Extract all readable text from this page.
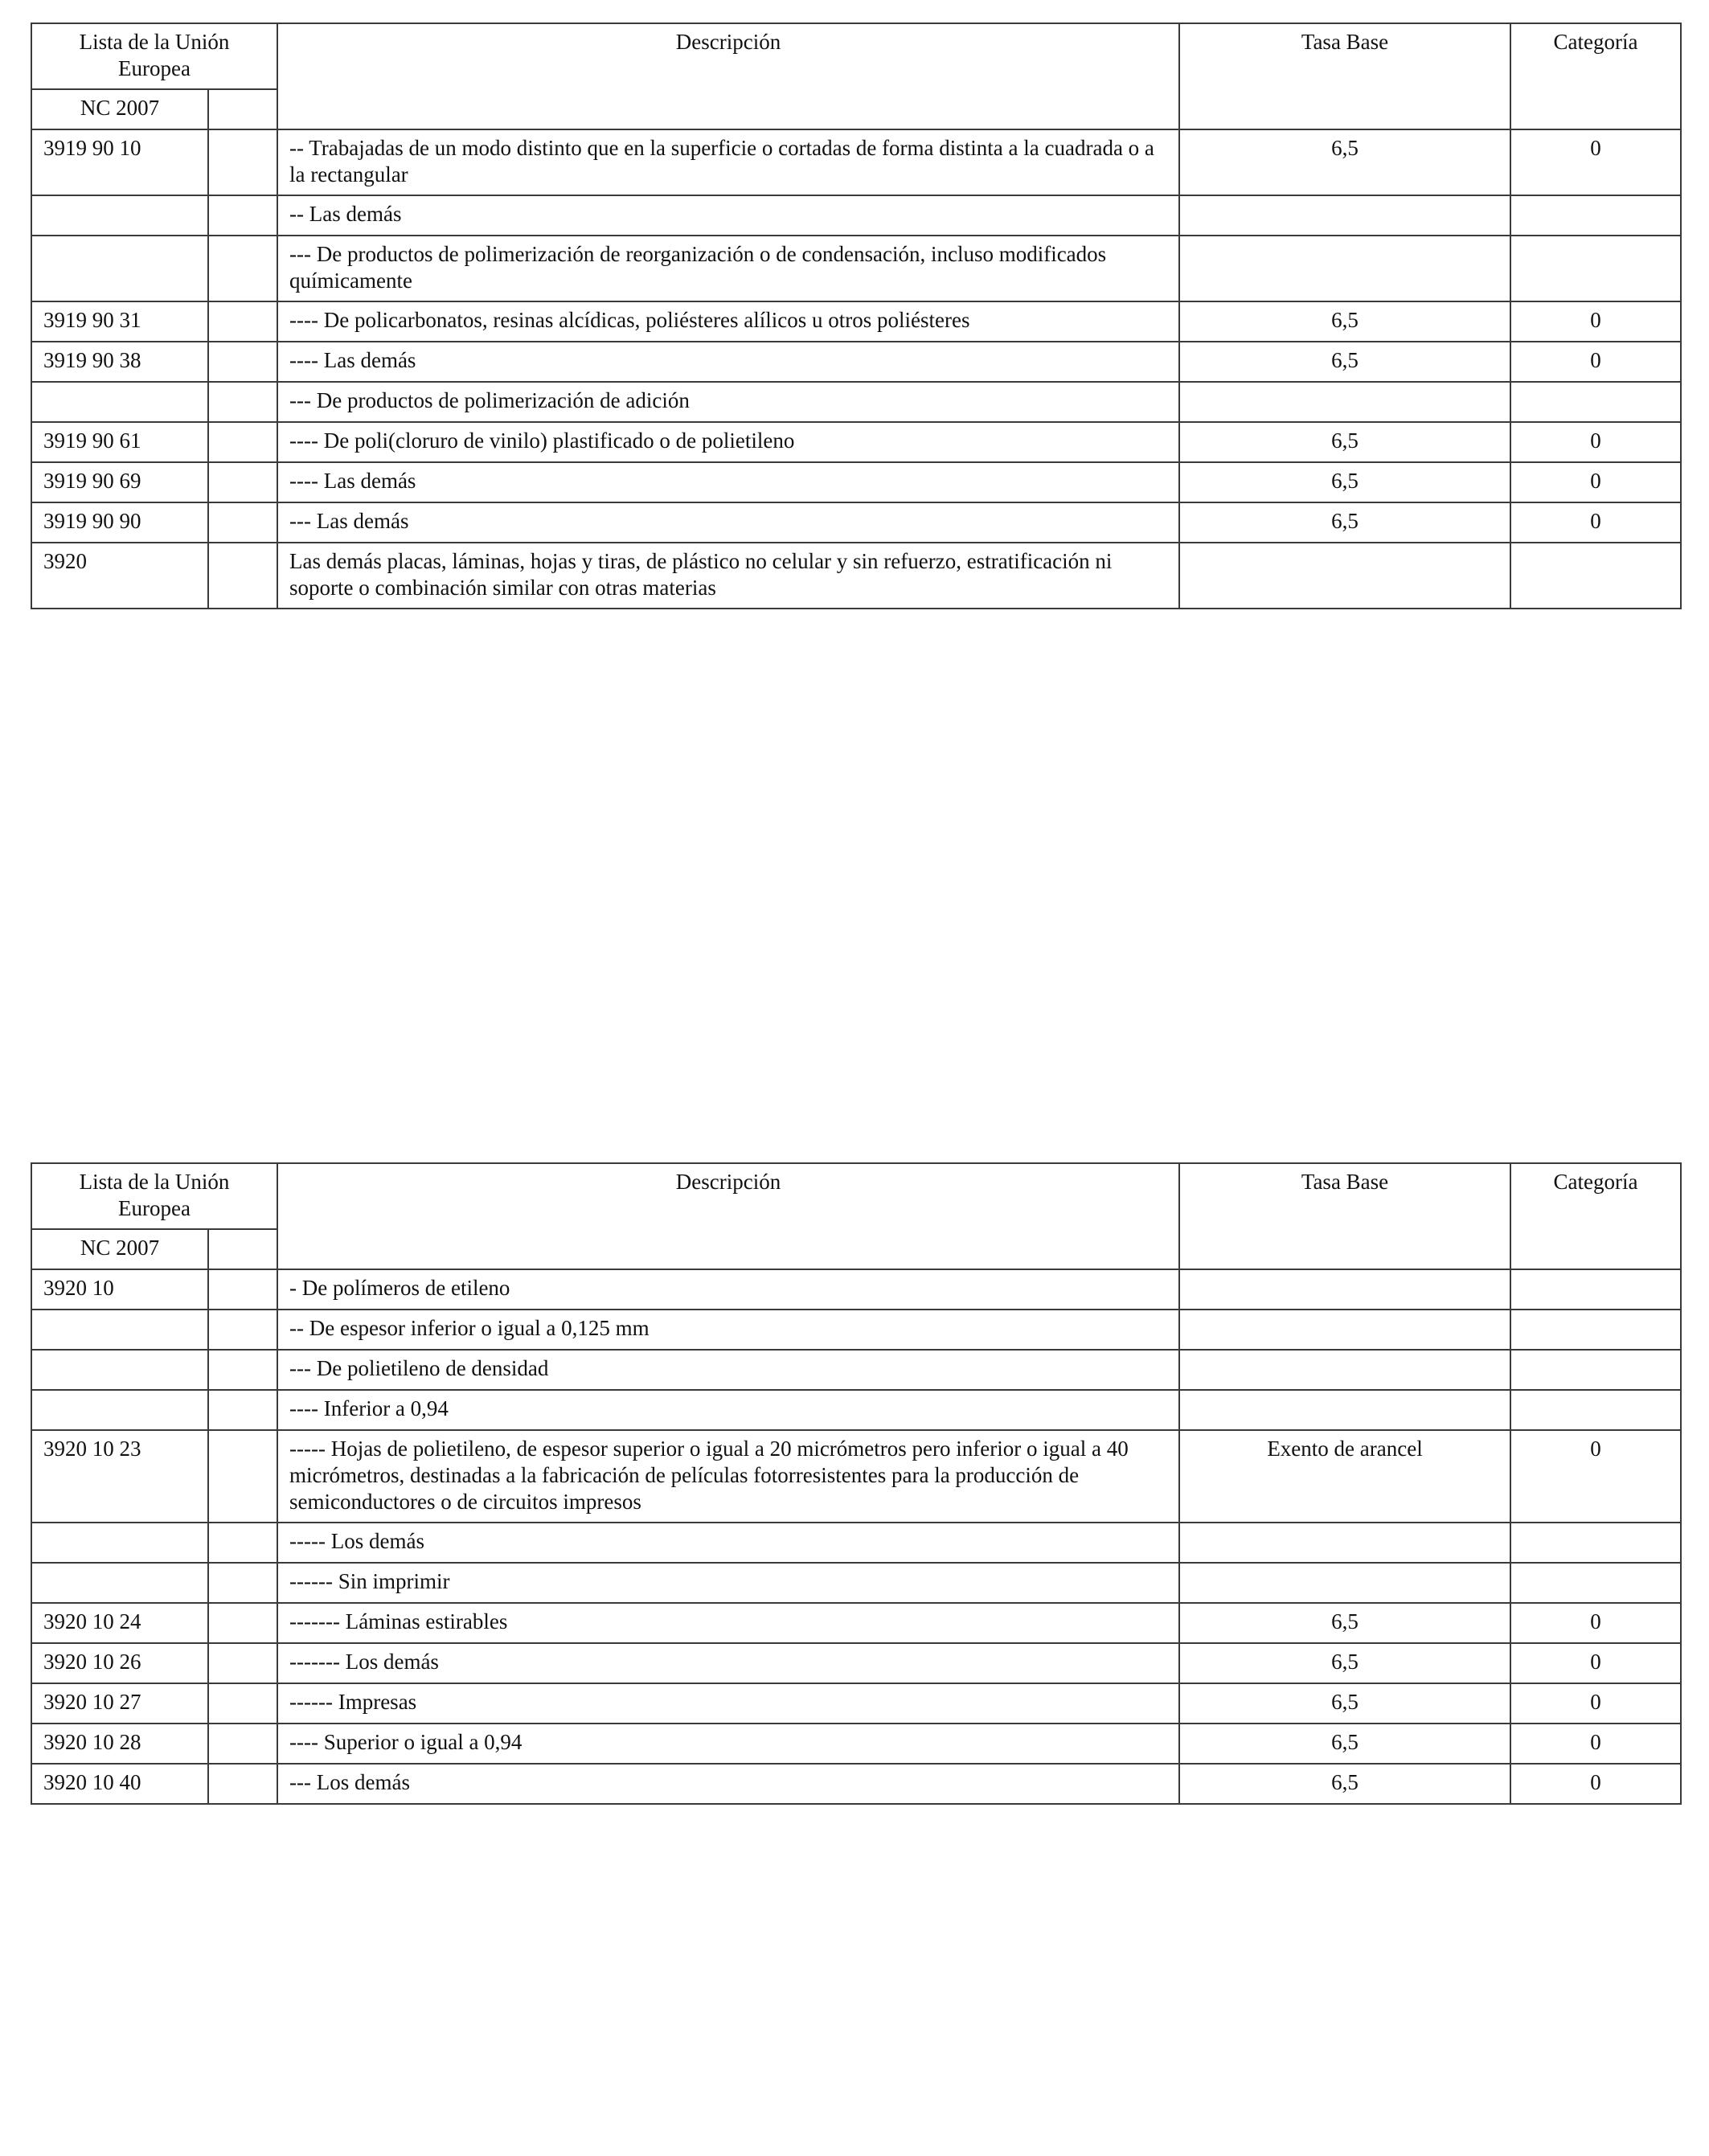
Lista de la Unión Europea		Descripción	Tasa Base	Categoría
NC 2007				
3919 90 10		-- Trabajadas de un modo distinto que en la superficie o cortadas de forma distinta a la cuadrada o a la rectangular	6,5	0
		-- Las demás		
		--- De productos de polimerización de reorganización o de condensación, incluso modificados químicamente		
3919 90 31		---- De policarbonatos, resinas alcídicas, poliésteres alílicos u otros poliésteres	6,5	0
3919 90 38		---- Las demás	6,5	0
		--- De productos de polimerización de adición		
3919 90 61		---- De poli(cloruro de vinilo) plastificado o de polietileno	6,5	0
3919 90 69		---- Las demás	6,5	0
3919 90 90		--- Las demás	6,5	0
3920		Las demás placas, láminas, hojas y tiras, de plástico no celular y sin refuerzo, estratificación ni soporte o combinación similar con otras materias		
Lista de la Unión Europea		Descripción	Tasa Base	Categoría
NC 2007				
3920 10		- De polímeros de etileno		
		-- De espesor inferior o igual a 0,125 mm		
		--- De polietileno de densidad		
		---- Inferior a 0,94		
3920 10 23		----- Hojas de polietileno, de espesor superior o igual a 20 micrómetros pero inferior o igual a 40 micrómetros, destinadas a la fabricación de películas fotorresistentes para la producción de semiconductores o de circuitos impresos	Exento de arancel	0
		----- Los demás		
		------ Sin imprimir		
3920 10 24		------- Láminas estirables	6,5	0
3920 10 26		------- Los demás	6,5	0
3920 10 27		------ Impresas	6,5	0
3920 10 28		---- Superior o igual a 0,94	6,5	0
3920 10 40		--- Los demás	6,5	0
